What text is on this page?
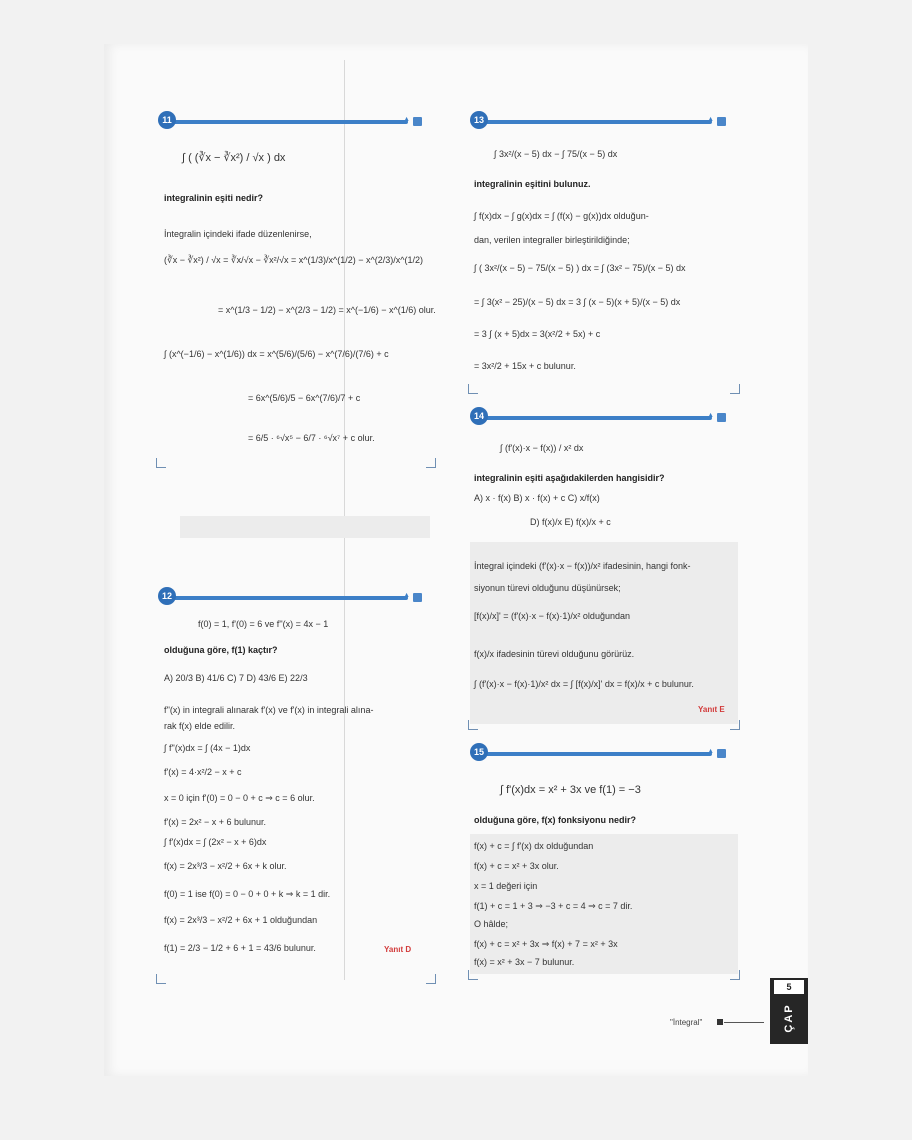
11	▲
∫ ( (∛x − ∛x²) / √x ) dx
integralinin eşiti nedir?
İntegralin içindeki ifade düzenlenirse,
(∛x − ∛x²) / √x = ∛x/√x − ∛x²/√x = x^(1/3)/x^(1/2) − x^(2/3)/x^(1/2)
= x^(1/3 − 1/2) − x^(2/3 − 1/2) = x^(−1/6) − x^(1/6) olur.
∫ (x^(−1/6) − x^(1/6)) dx = x^(5/6)/(5/6) − x^(7/6)/(7/6) + c
= 6x^(5/6)/5 − 6x^(7/6)/7 + c
= 6/5 · ⁶√x⁵ − 6/7 · ⁶√x⁷ + c olur.
12	▲
f(0) = 1, f'(0) = 6 ve f''(x) = 4x − 1
olduğuna göre, f(1) kaçtır?
A) 20/3 B) 41/6 C) 7 D) 43/6 E) 22/3
f''(x) in integrali alınarak f'(x) ve f'(x) in integrali alına-
rak f(x) elde edilir.
∫ f''(x)dx = ∫ (4x − 1)dx
f'(x) = 4·x²/2 − x + c
x = 0 için f'(0) = 0 − 0 + c ⇒ c = 6 olur.
f'(x) = 2x² − x + 6 bulunur.
∫ f'(x)dx = ∫ (2x² − x + 6)dx
f(x) = 2x³/3 − x²/2 + 6x + k olur.
f(0) = 1 ise f(0) = 0 − 0 + 0 + k ⇒ k = 1 dir.
f(x) = 2x³/3 − x²/2 + 6x + 1 olduğundan
f(1) = 2/3 − 1/2 + 6 + 1 = 43/6 bulunur.	Yanıt D
13	▲
∫ 3x²/(x − 5) dx − ∫ 75/(x − 5) dx
integralinin eşitini bulunuz.
∫ f(x)dx − ∫ g(x)dx = ∫ (f(x) − g(x))dx olduğun-
dan, verilen integraller birleştirildiğinde;
∫ ( 3x²/(x − 5) − 75/(x − 5) ) dx = ∫ (3x² − 75)/(x − 5) dx
= ∫ 3(x² − 25)/(x − 5) dx = 3 ∫ (x − 5)(x + 5)/(x − 5) dx
= 3 ∫ (x + 5)dx = 3(x²/2 + 5x) + c
= 3x²/2 + 15x + c bulunur.
14	▲
∫ (f'(x)·x − f(x)) / x² dx
integralinin eşiti aşağıdakilerden hangisidir?
A) x · f(x) B) x · f(x) + c C) x/f(x)
D) f(x)/x E) f(x)/x + c
İntegral içindeki (f'(x)·x − f(x))/x² ifadesinin, hangi fonk-
siyonun türevi olduğunu düşünürsek;
[f(x)/x]' = (f'(x)·x − f(x)·1)/x² olduğundan
f(x)/x ifadesinin türevi olduğunu görürüz.
∫ (f'(x)·x − f(x)·1)/x² dx = ∫ [f(x)/x]' dx = f(x)/x + c bulunur.
Yanıt E
15	▲
∫ f'(x)dx = x² + 3x ve f(1) = −3
olduğuna göre, f(x) fonksiyonu nedir?
f(x) + c = ∫ f'(x) dx olduğundan
f(x) + c = x² + 3x olur.
x = 1 değeri için
f(1) + c = 1 + 3 ⇒ −3 + c = 4 ⇒ c = 7 dir.
O hâlde;
f(x) + c = x² + 3x ⇒ f(x) + 7 = x² + 3x
f(x) = x² + 3x − 7 bulunur.
"İntegral"
5
ÇAP
